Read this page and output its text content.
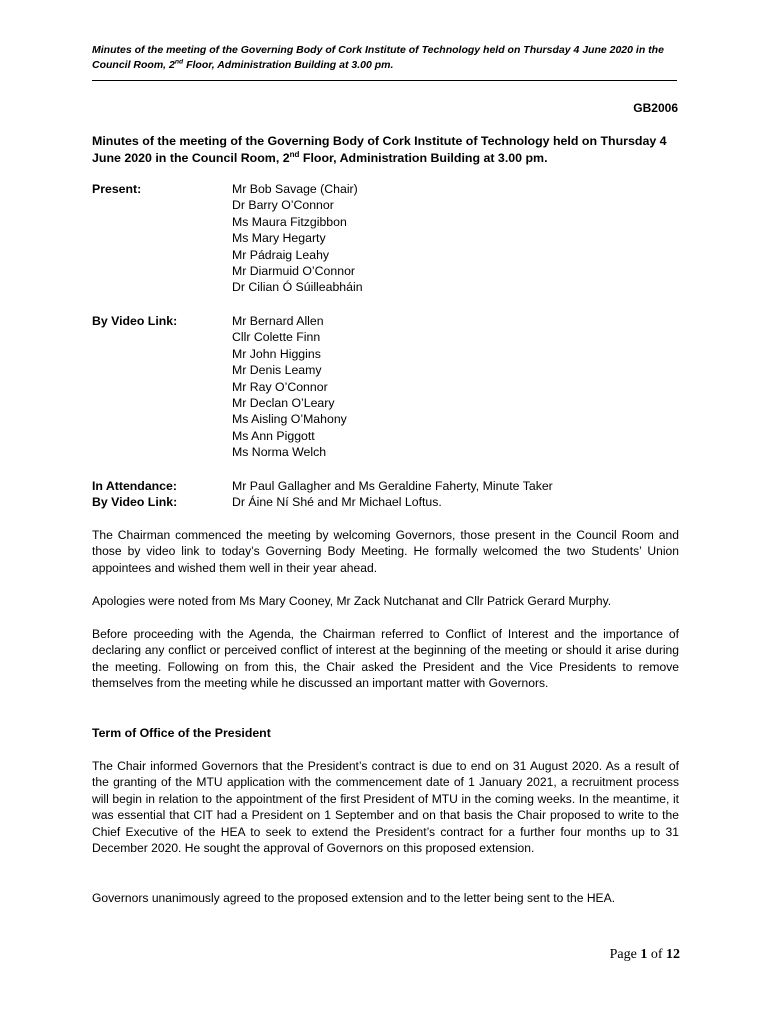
Minutes of the meeting of the Governing Body of Cork Institute of Technology held on Thursday 4 June 2020 in the Council Room, 2nd Floor, Administration Building at 3.00 pm.
GB2006
Minutes of the meeting of the Governing Body of Cork Institute of Technology held on Thursday 4 June 2020 in the Council Room, 2nd Floor, Administration Building at 3.00 pm.
Present:	Mr Bob Savage (Chair)
Dr Barry O’Connor
Ms Maura Fitzgibbon
Ms Mary Hegarty
Mr Pádraig Leahy
Mr Diarmuid O’Connor
Dr Cilian Ó Súilleabháin
By Video Link:	Mr Bernard Allen
Cllr Colette Finn
Mr John Higgins
Mr Denis Leamy
Mr Ray O’Connor
Mr Declan O’Leary
Ms Aisling O’Mahony
Ms Ann Piggott
Ms Norma Welch
In Attendance:	Mr Paul Gallagher and Ms Geraldine Faherty, Minute Taker
By Video Link:	Dr Áine Ní Shé and Mr Michael Loftus.
The Chairman commenced the meeting by welcoming Governors, those present in the Council Room and those by video link to today’s Governing Body Meeting. He formally welcomed the two Students’ Union appointees and wished them well in their year ahead.
Apologies were noted from Ms Mary Cooney, Mr Zack Nutchanat and Cllr Patrick Gerard Murphy.
Before proceeding with the Agenda, the Chairman referred to Conflict of Interest and the importance of declaring any conflict or perceived conflict of interest at the beginning of the meeting or should it arise during the meeting. Following on from this, the Chair asked the President and the Vice Presidents to remove themselves from the meeting while he discussed an important matter with Governors.
Term of Office of the President
The Chair informed Governors that the President’s contract is due to end on 31 August 2020. As a result of the granting of the MTU application with the commencement date of 1 January 2021, a recruitment process will begin in relation to the appointment of the first President of MTU in the coming weeks. In the meantime, it was essential that CIT had a President on 1 September and on that basis the Chair proposed to write to the Chief Executive of the HEA to seek to extend the President’s contract for a further four months up to 31 December 2020. He sought the approval of Governors on this proposed extension.
Governors unanimously agreed to the proposed extension and to the letter being sent to the HEA.
Page 1 of 12
